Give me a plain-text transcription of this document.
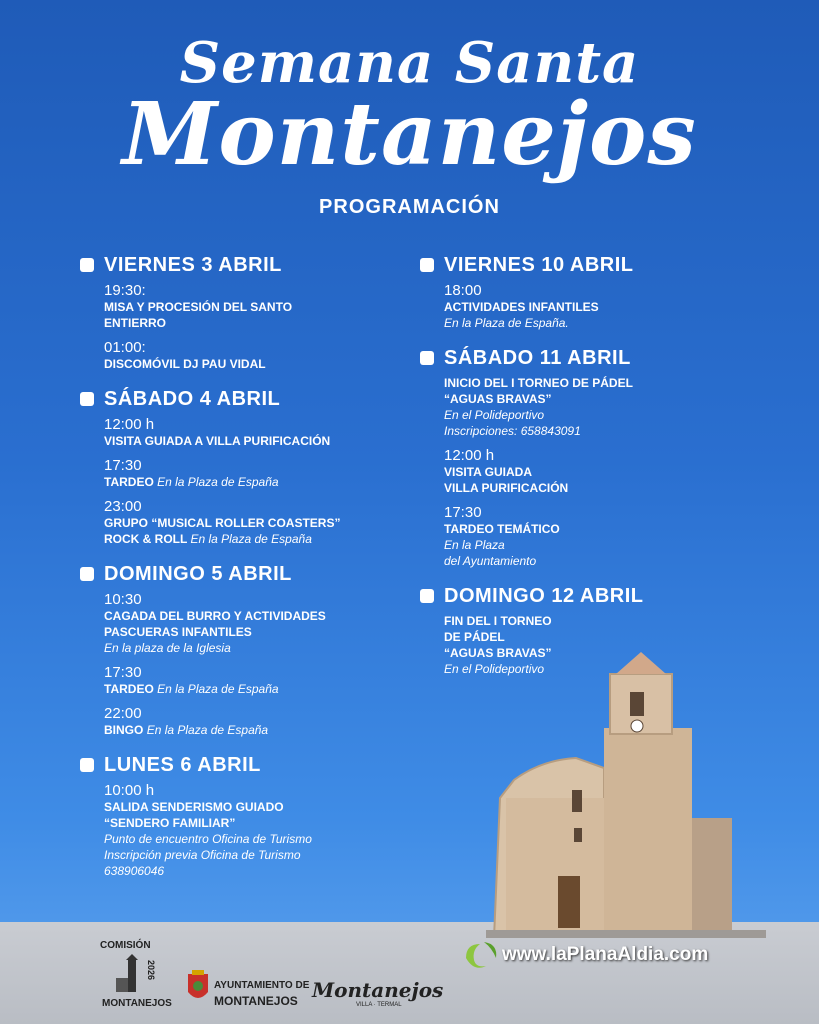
Semana Santa
Montanejos
PROGRAMACIÓN
VIERNES 3 ABRIL
19:30:
MISA Y PROCESIÓN DEL SANTO
ENTIERRO
01:00:
DISCOMÓVIL DJ PAU VIDAL
SÁBADO 4 ABRIL
12:00 h
VISITA GUIADA A VILLA PURIFICACIÓN
17:30
TARDEO En la Plaza de España
23:00
GRUPO “MUSICAL ROLLER COASTERS”
ROCK & ROLL En la Plaza de España
DOMINGO 5 ABRIL
10:30
CAGADA DEL BURRO Y ACTIVIDADES
PASCUERAS INFANTILES
En la plaza de la Iglesia
17:30
TARDEO En la Plaza de España
22:00
BINGO En la Plaza de España
LUNES 6 ABRIL
10:00 h
SALIDA SENDERISMO GUIADO
“SENDERO FAMILIAR”
Punto de encuentro Oficina de Turismo
Inscripción previa Oficina de Turismo
638906046
VIERNES 10 ABRIL
18:00
ACTIVIDADES INFANTILES
En la Plaza de España.
SÁBADO 11 ABRIL
INICIO DEL I TORNEO DE PÁDEL
“AGUAS BRAVAS”
En el Polideportivo
Inscripciones: 658843091
12:00 h
VISITA GUIADA
VILLA PURIFICACIÓN
17:30
TARDEO TEMÁTICO
En la Plaza
del Ayuntamiento
DOMINGO 12 ABRIL
FIN DEL I TORNEO
DE PÁDEL
“AGUAS BRAVAS”
En el Polideportivo
COMISIÓN
2026
MONTANEJOS
AYUNTAMIENTO DE
MONTANEJOS Montanejos
VILLA · TERMAL
www.laPlanaAldia.com
